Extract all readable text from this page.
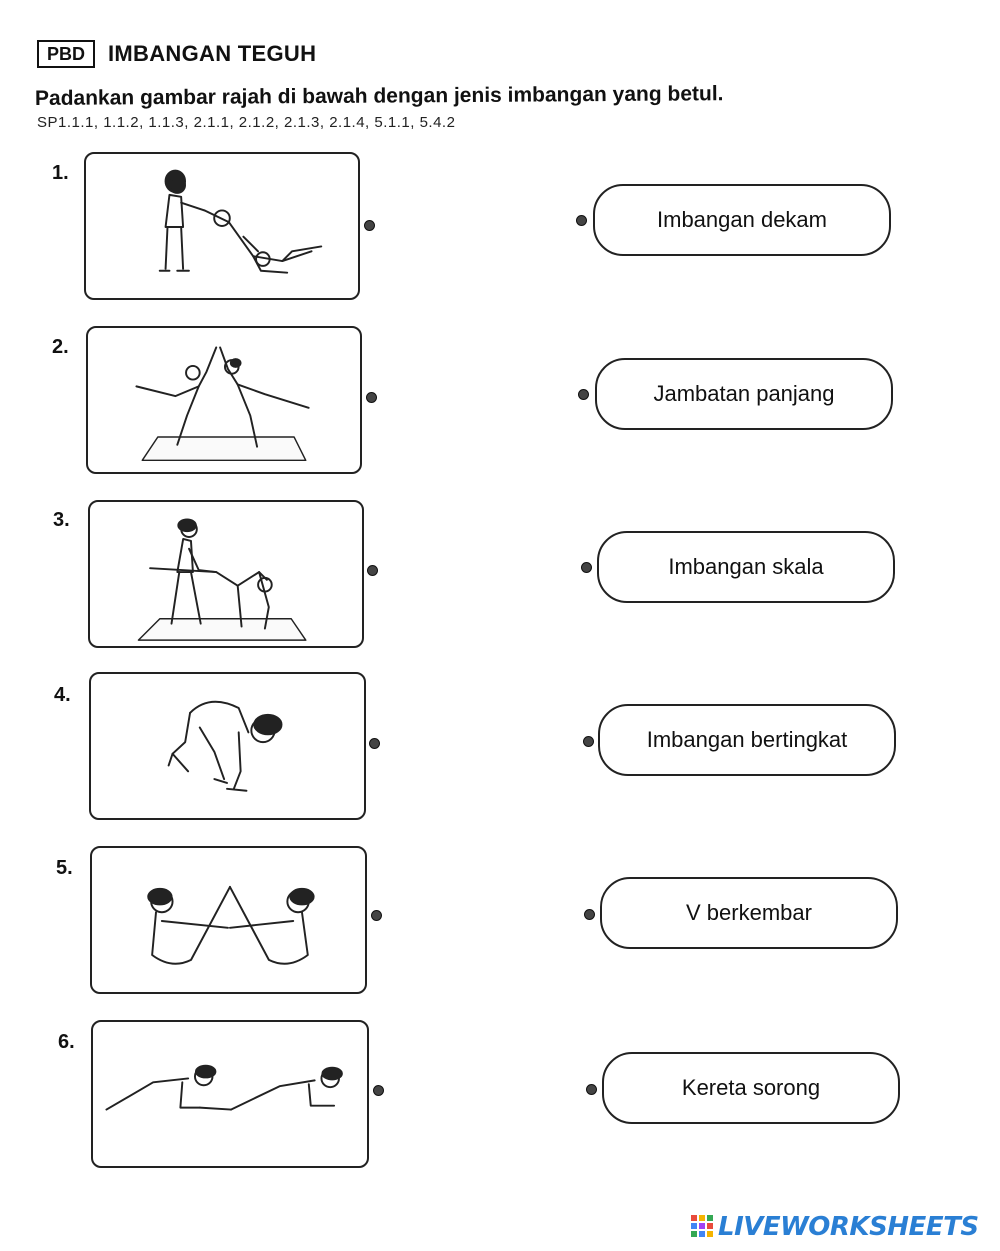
PBD	IMBANGAN TEGUH
Padankan gambar rajah di bawah dengan jenis imbangan yang betul.
SP1.1.1, 1.1.2, 1.1.3, 2.1.1, 2.1.2, 2.1.3, 2.1.4, 5.1.1, 5.4.2
1.
2.
3.
4.
5.
6.
Imbangan dekam
Jambatan panjang
Imbangan skala
Imbangan bertingkat
V berkembar
Kereta sorong
LIVEWORKSHEETS
